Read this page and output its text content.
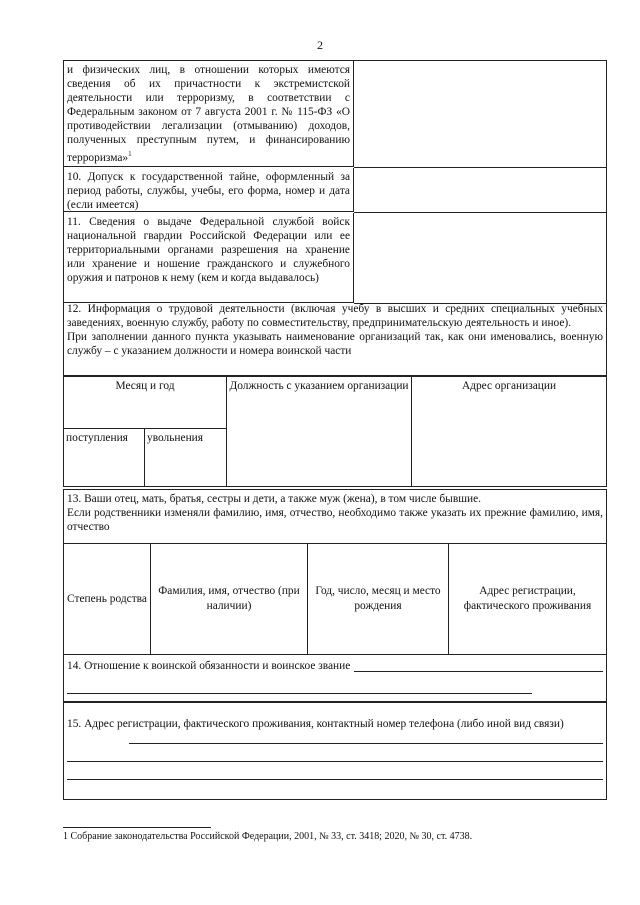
2
и физических лиц, в отношении которых имеются сведения об их причастности к экстремистской деятельности или терроризму, в соответствии с Федеральным законом от 7 августа 2001 г. № 115-ФЗ «О противодействии легализации (отмыванию) доходов, полученных преступным путем, и финансированию терроризма»$^1$
10. Допуск к государственной тайне, оформленный за период работы, службы, учебы, его форма, номер и дата (если имеется)
11. Сведения о выдаче Федеральной службой войск национальной гвардии Российской Федерации или ее территориальными органами разрешения на хранение или хранение и ношение гражданского и служебного оружия и патронов к нему (кем и когда выдавалось)

12. Информация о трудовой деятельности (включая учебу в высших и средних специальных учебных заведениях, военную службу, работу по совместительству, предпринимательскую деятельность и иное).

При заполнении данного пункта указывать наименование организаций так, как они именовались, военную службу – с указанием должности и номера воинской части

Месяц и год		Должность с указанием организации	Адрес организации
поступления	увольнения		

13. Ваши отец, мать, братья, сестры и дети, а также муж (жена), в том числе бывшие.

Если родственники изменяли фамилию, имя, отчество, необходимо также указать их прежние фамилию, имя, отчество

Степень родства	Фамилия, имя, отчество (при наличии)	Год, число, месяц и место рождения	Адрес регистрации, фактического проживания
14. Отношение к воинской обязанности и воинское звание
15. Адрес регистрации, фактического проживания, контактный номер телефона (либо иной вид связи)
1 Собрание законодательства Российской Федерации, 2001, № 33, ст. 3418; 2020, № 30, ст. 4738.
